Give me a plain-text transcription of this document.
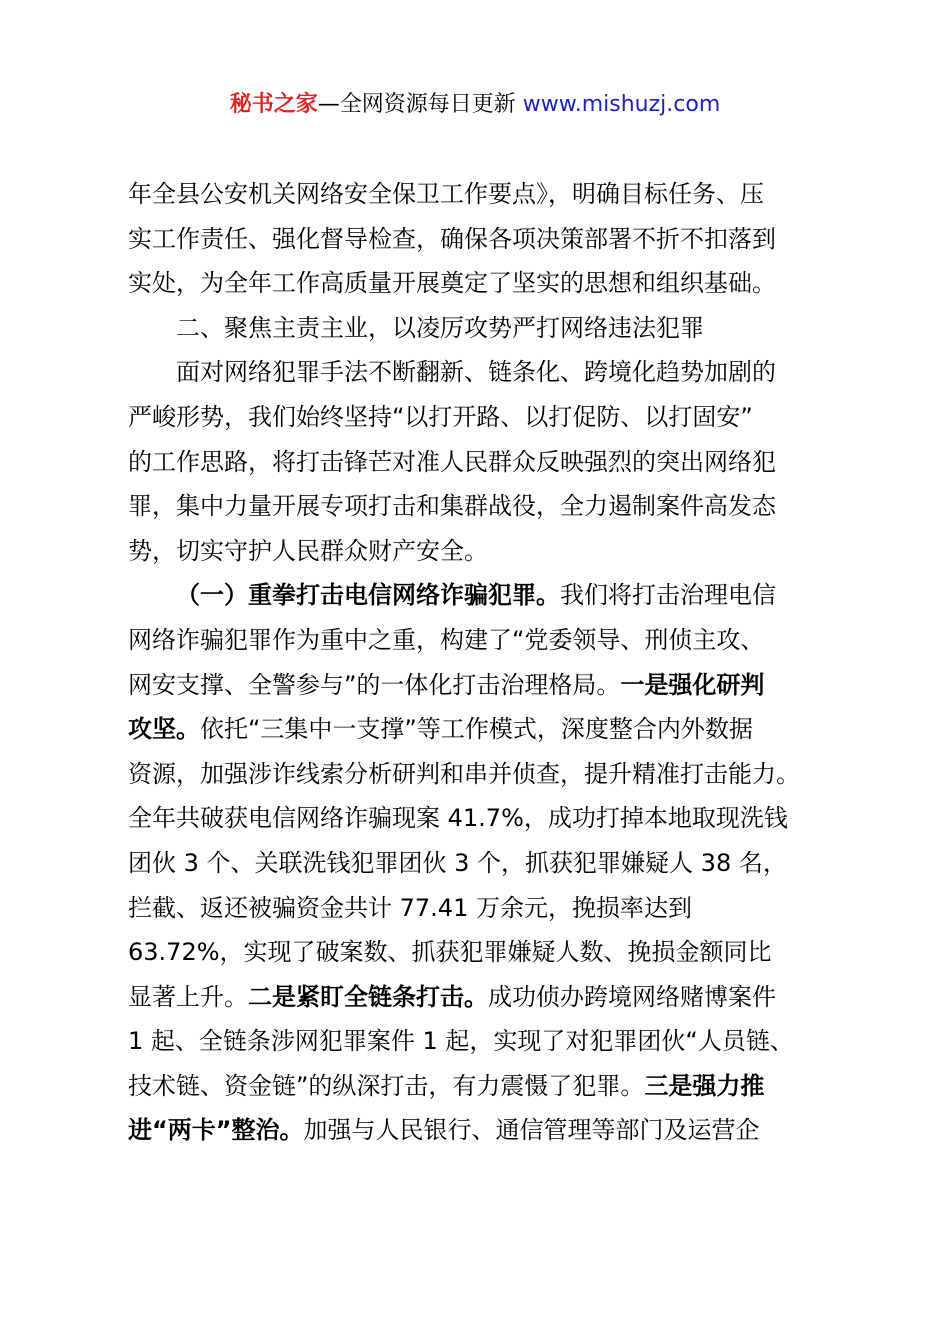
秘书之家—全网资源每日更新 www.mishuzj.com
年全县公安机关网络安全保卫工作要点》，明确目标任务、压
实工作责任、强化督导检查，确保各项决策部署不折不扣落到
实处，为全年工作高质量开展奠定了坚实的思想和组织基础。
二、聚焦主责主业，以凌厉攻势严打网络违法犯罪
面对网络犯罪手法不断翻新、链条化、跨境化趋势加剧的
严峻形势，我们始终坚持“以打开路、以打促防、以打固安”
的工作思路，将打击锋芒对准人民群众反映强烈的突出网络犯
罪，集中力量开展专项打击和集群战役，全力遏制案件高发态
势，切实守护人民群众财产安全。
（一）重拳打击电信网络诈骗犯罪。我们将打击治理电信
网络诈骗犯罪作为重中之重，构建了“党委领导、刑侦主攻、
网安支撑、全警参与”的一体化打击治理格局。一是强化研判
攻坚。依托“三集中一支撑”等工作模式，深度整合内外数据
资源，加强涉诈线索分析研判和串并侦查，提升精准打击能力。
全年共破获电信网络诈骗现案 41.7%，成功打掉本地取现洗钱
团伙 3 个、关联洗钱犯罪团伙 3 个，抓获犯罪嫌疑人 38 名，
拦截、返还被骗资金共计 77.41 万余元，挽损率达到
63.72%，实现了破案数、抓获犯罪嫌疑人数、挽损金额同比
显著上升。二是紧盯全链条打击。成功侦办跨境网络赌博案件
1 起、全链条涉网犯罪案件 1 起，实现了对犯罪团伙“人员链、
技术链、资金链”的纵深打击，有力震慑了犯罪。三是强力推
进“两卡”整治。加强与人民银行、通信管理等部门及运营企
